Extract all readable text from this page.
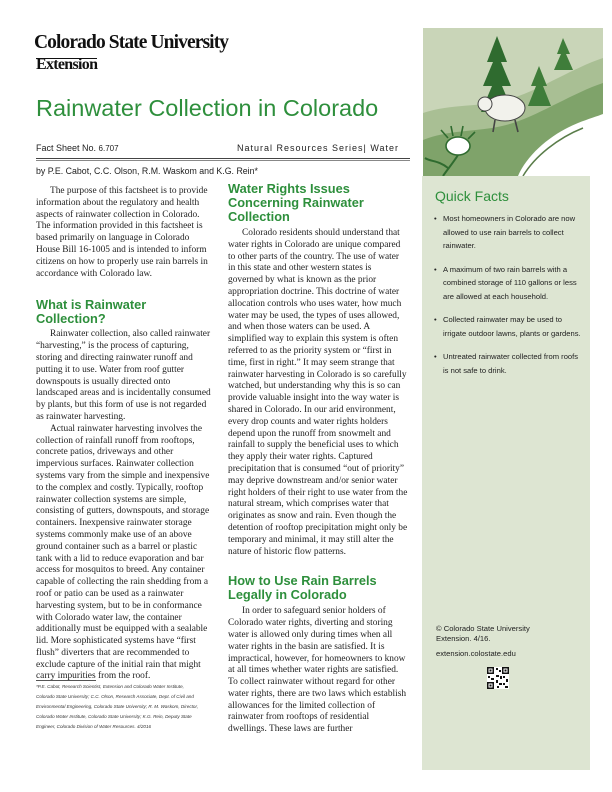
Colorado State University
Extension
Rainwater Collection in Colorado
Fact Sheet No. 6.707	Natural Resources Series| Water
by P.E. Cabot, C.C. Olson, R.M. Waskom and K.G. Rein*

The purpose of this factsheet is to provide information about the regulatory and health aspects of rainwater collection in Colorado. The information provided in this factsheet is based primarily on language in Colorado House Bill 16-1005 and is intended to inform citizens on how to properly use rain barrels in accordance with Colorado law.

What is Rainwater Collection?

Rainwater collection, also called rainwater “harvesting,” is the process of capturing, storing and directing rainwater runoff and putting it to use. Water from roof gutter downspouts is usually directed onto landscaped areas and is incidentally consumed by plants, but this form of use is not regarded as rainwater harvesting.

Actual rainwater harvesting involves the collection of rainfall runoff from rooftops, concrete patios, driveways and other impervious surfaces. Rainwater collection systems vary from the simple and inexpensive to the complex and costly. Typically, rooftop rainwater collection systems are simple, consisting of gutters, downspouts, and storage containers. Inexpensive rainwater storage systems commonly make use of an above ground container such as a barrel or plastic tank with a lid to reduce evaporation and bar access for mosquitos to breed. Any container capable of collecting the rain shedding from a roof or patio can be used as a rainwater harvesting system, but to be in conformance with Colorado water law, the container additionally must be equipped with a sealable lid. More sophisticated systems have “first flush” diverters that are recommended to exclude capture of the initial rain that might carry impurities from the roof.

*P.E. Cabot, Research Scientist, Extension and Colorado Water Institute,
Colorado State University; C.C. Olson, Research Associate, Dept. of Civil and
Environmental Engineering, Colorado State University; R. M. Waskom, Director,
Colorado Water Institute, Colorado State University; K.G. Rein, Deputy State
Engineer, Colorado Division of Water Resources. 4/2016
Water Rights Issues Concerning Rainwater Collection

Colorado residents should understand that water rights in Colorado are unique compared to other parts of the country. The use of water in this state and other western states is governed by what is known as the prior appropriation doctrine. This doctrine of water allocation controls who uses water, how much water may be used, the types of uses allowed, and when those waters can be used. A simplified way to explain this system is often referred to as the priority system or “first in time, first in right.” It may seem strange that rainwater harvesting in Colorado is so carefully watched, but understanding why this is so can provide valuable insight into the way water is shared in Colorado. In our arid environment, every drop counts and water rights holders depend upon the runoff from snowmelt and rainfall to supply the beneficial uses to which they apply their water rights. Captured precipitation that is consumed “out of priority” may deprive downstream and/or senior water right holders of their right to use water from the natural stream, which comprises water that originates as snow and rain. Even though the detention of rooftop precipitation might only be temporary and minimal, it may still alter the nature of historic flow patterns.

How to Use Rain Barrels Legally in Colorado

In order to safeguard senior holders of Colorado water rights, diverting and storing water is allowed only during times when all water rights in the basin are satisfied. It is impractical, however, for homeowners to know at all times whether water rights are satisfied. To collect rainwater without regard for other water rights, there are two laws which establish allowances for the limited collection of rainwater from rooftops of residential dwellings. These laws are further

Quick Facts
• Most homeowners in Colorado are now allowed to use rain barrels to collect rainwater.
• A maximum of two rain barrels with a combined storage of 110 gallons or less are allowed at each household.
• Collected rainwater may be used to irrigate outdoor lawns, plants or gardens.
• Untreated rainwater collected from roofs is not safe to drink.
© Colorado State University
Extension. 4/16.
extension.colostate.edu
